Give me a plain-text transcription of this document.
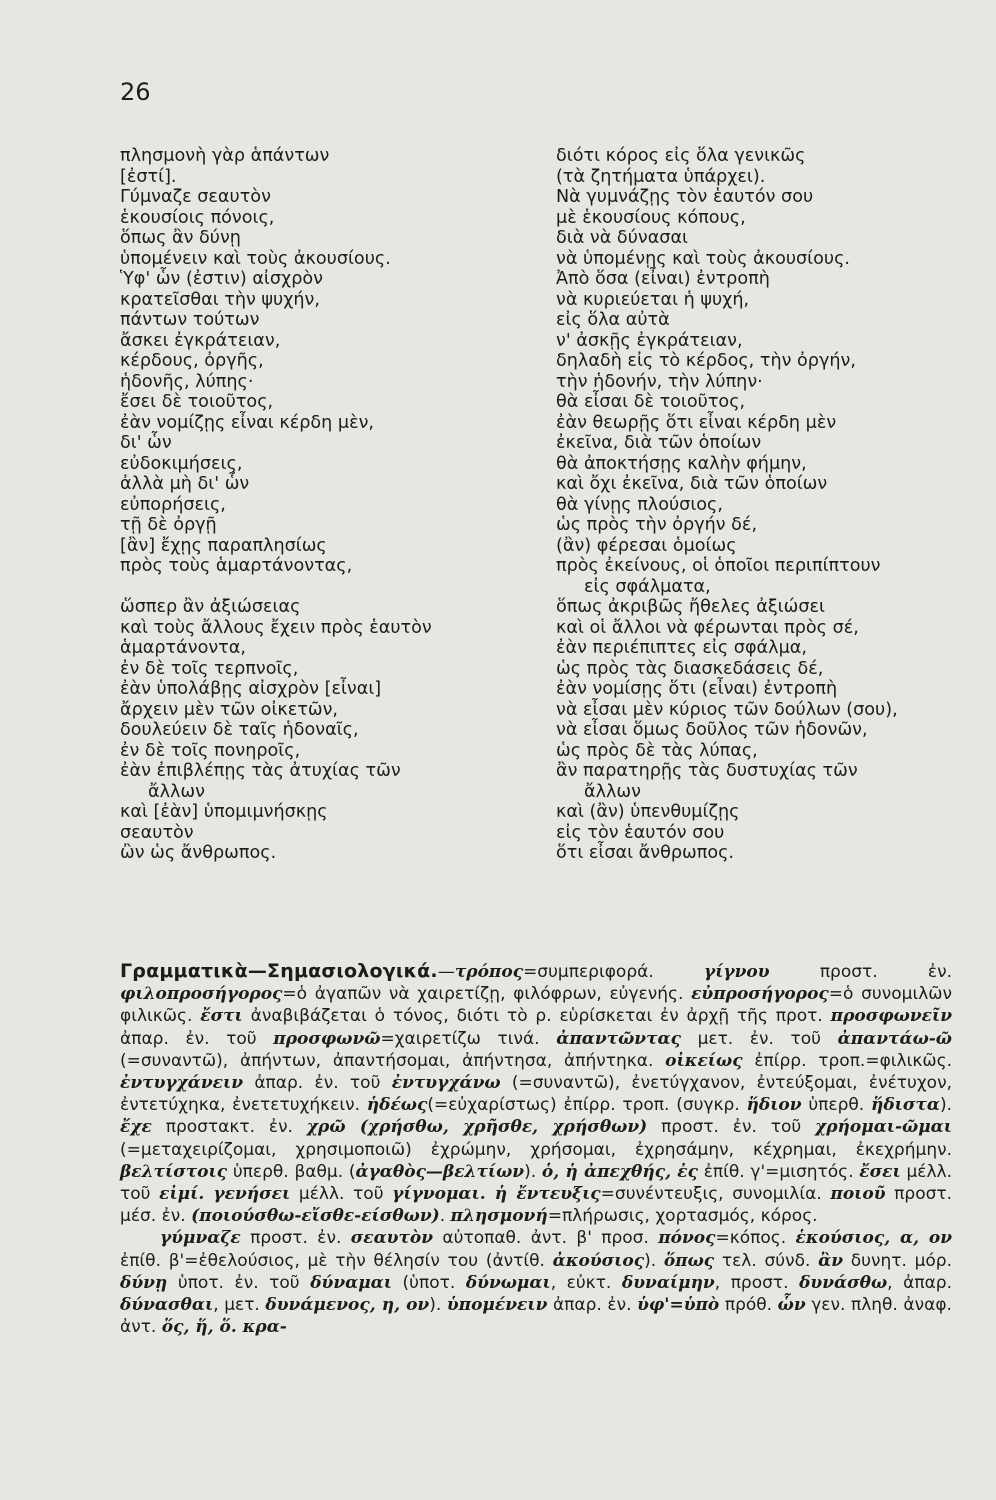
26
πλησμονὴ γὰρ ἁπάντων	διότι κόρος εἰς ὅλα γενικῶς
[ἐστί].	(τὰ ζητήματα ὑπάρχει).
Γύμναζε σεαυτὸν	Νὰ γυμνάζῃς τὸν ἑαυτόν σου
ἑκουσίοις πόνοις,	μὲ ἑκουσίους κόπους,
ὅπως ἂν δύνῃ	διὰ νὰ δύνασαι
ὑπομένειν καὶ τοὺς ἀκουσίους.	νὰ ὑπομένῃς καὶ τοὺς ἀκουσίους.
Ὑφ' ὧν (ἐστιν) αἰσχρὸν	Ἀπὸ ὅσα (εἶναι) ἐντροπὴ
κρατεῖσθαι τὴν ψυχήν,	νὰ κυριεύεται ἡ ψυχή,
πάντων τούτων	εἰς ὅλα αὐτὰ
ἄσκει ἐγκράτειαν,	ν' ἀσκῇς ἐγκράτειαν,
κέρδους, ὀργῆς,	δηλαδὴ εἰς τὸ κέρδος, τὴν ὀργήν,
ἡδονῆς, λύπης·	τὴν ἡδονήν, τὴν λύπην·
ἔσει δὲ τοιοῦτος,	θὰ εἶσαι δὲ τοιοῦτος,
ἐὰν νομίζῃς εἶναι κέρδη μὲν,	ἐὰν θεωρῇς ὅτι εἶναι κέρδη μὲν
δι' ὧν	ἐκεῖνα, διὰ τῶν ὁποίων
εὐδοκιμήσεις,	θὰ ἀποκτήσῃς καλὴν φήμην,
ἀλλὰ μὴ δι' ὧν	καὶ ὄχι ἐκεῖνα, διὰ τῶν ὁποίων
εὐπορήσεις,	θὰ γίνῃς πλούσιος,
τῇ δὲ ὀργῇ	ὡς πρὸς τὴν ὀργήν δέ,
[ἂν] ἔχῃς παραπλησίως	(ἂν) φέρεσαι ὁμοίως
πρὸς τοὺς ἁμαρτάνοντας,	πρὸς ἐκείνους, οἱ ὁποῖοι περιπίπτουν
	εἰς σφάλματα,
ὥσπερ ἂν ἀξιώσειας	ὅπως ἀκριβῶς ἤθελες ἀξιώσει
καὶ τοὺς ἄλλους ἔχειν πρὸς ἑαυτὸν	καὶ οἱ ἄλλοι νὰ φέρωνται πρὸς σέ,
ἁμαρτάνοντα,	ἐὰν περιέπιπτες εἰς σφάλμα,
ἐν δὲ τοῖς τερπνοῖς,	ὡς πρὸς τὰς διασκεδάσεις δέ,
ἐὰν ὑπολάβῃς αἰσχρὸν [εἶναι]	ἐὰν νομίσῃς ὅτι (εἶναι) ἐντροπὴ
ἄρχειν μὲν τῶν οἰκετῶν,	νὰ εἶσαι μὲν κύριος τῶν δούλων (σου),
δουλεύειν δὲ ταῖς ἡδοναῖς,	νὰ εἶσαι ὅμως δοῦλος τῶν ἡδονῶν,
ἐν δὲ τοῖς πονηροῖς,	ὡς πρὸς δὲ τὰς λύπας,
ἐὰν ἐπιβλέπῃς τὰς ἀτυχίας τῶν	ἂν παρατηρῇς τὰς δυστυχίας τῶν
ἄλλων	ἄλλων
καὶ [ἐὰν] ὑπομιμνήσκῃς	καὶ (ἂν) ὑπενθυμίζῃς
σεαυτὸν	εἰς τὸν ἑαυτόν σου
ὢν ὡς ἄνθρωπος.	ὅτι εἶσαι ἄνθρωπος.

Γραμματικὰ—Σημασιολογικά.—τρόπος=συμπεριφορά. γίγνου προστ. ἐν. φιλοπροσήγορος=ὁ ἀγαπῶν νὰ χαιρετίζῃ, φιλόφρων, εὐγενής. εὐπροσήγορος=ὁ συνομιλῶν φιλικῶς. ἔστι ἀναβιβάζεται ὁ τόνος, διότι τὸ ρ. εὑρίσκεται ἐν ἀρχῇ τῆς προτ. προσφωνεῖν ἀπαρ. ἐν. τοῦ προσφωνῶ=χαιρετίζω τινά. ἀπαντῶντας μετ. ἐν. τοῦ ἀπαντάω-ῶ (=συναντῶ), ἀπήντων, ἀπαντήσομαι, ἀπήντησα, ἀπήντηκα. οἰκείως ἐπίρρ. τροπ.=φιλικῶς. ἐντυγχάνειν ἀπαρ. ἐν. τοῦ ἐντυγχάνω (=συναντῶ), ἐνετύγχανον, ἐντεύξομαι, ἐνέτυχον, ἐντετύχηκα, ἐνετετυχήκειν. ἡδέως(=εὐχαρίστως) ἐπίρρ. τροπ. (συγκρ. ἥδιον ὑπερθ. ἥδιστα). ἔχε προστακτ. ἐν. χρῶ (χρήσθω, χρῆσθε, χρήσθων) προστ. ἐν. τοῦ χρήομαι-ῶμαι (=μεταχειρίζομαι, χρησιμοποιῶ) ἐχρώμην, χρήσομαι, ἐχρησάμην, κέχρημαι, ἐκεχρήμην. βελτίστοις ὑπερθ. βαθμ. (ἀγαθὸς—βελτίων). ὁ, ἡ ἀπεχθής, ἐς ἐπίθ. γ'=μισητός. ἔσει μέλλ. τοῦ εἰμί. γενήσει μέλλ. τοῦ γίγνομαι. ἡ ἔντευξις=συνέντευξις, συνομιλία. ποιοῦ προστ. μέσ. ἐν. (ποιούσθω-εἴσθε-είσθων). πλησμονή=πλήρωσις, χορτασμός, κόρος.

γύμναζε προστ. ἐν. σεαυτὸν αὐτοπαθ. ἀντ. β' προσ. πόνος=κόπος. ἑκούσιος, α, ον ἐπίθ. β'=ἐθελούσιος, μὲ τὴν θέλησίν του (ἀντίθ. ἀκούσιος). ὅπως τελ. σύνδ. ἂν δυνητ. μόρ. δύνῃ ὑποτ. ἐν. τοῦ δύναμαι (ὑποτ. δύνωμαι, εὐκτ. δυναίμην, προστ. δυνάσθω, ἀπαρ. δύνασθαι, μετ. δυνάμενος, η, ον). ὑπομένειν ἀπαρ. ἐν. ὑφ'=ὑπὸ πρόθ. ὧν γεν. πληθ. ἀναφ. ἀντ. ὅς, ἥ, ὅ. κρα-
